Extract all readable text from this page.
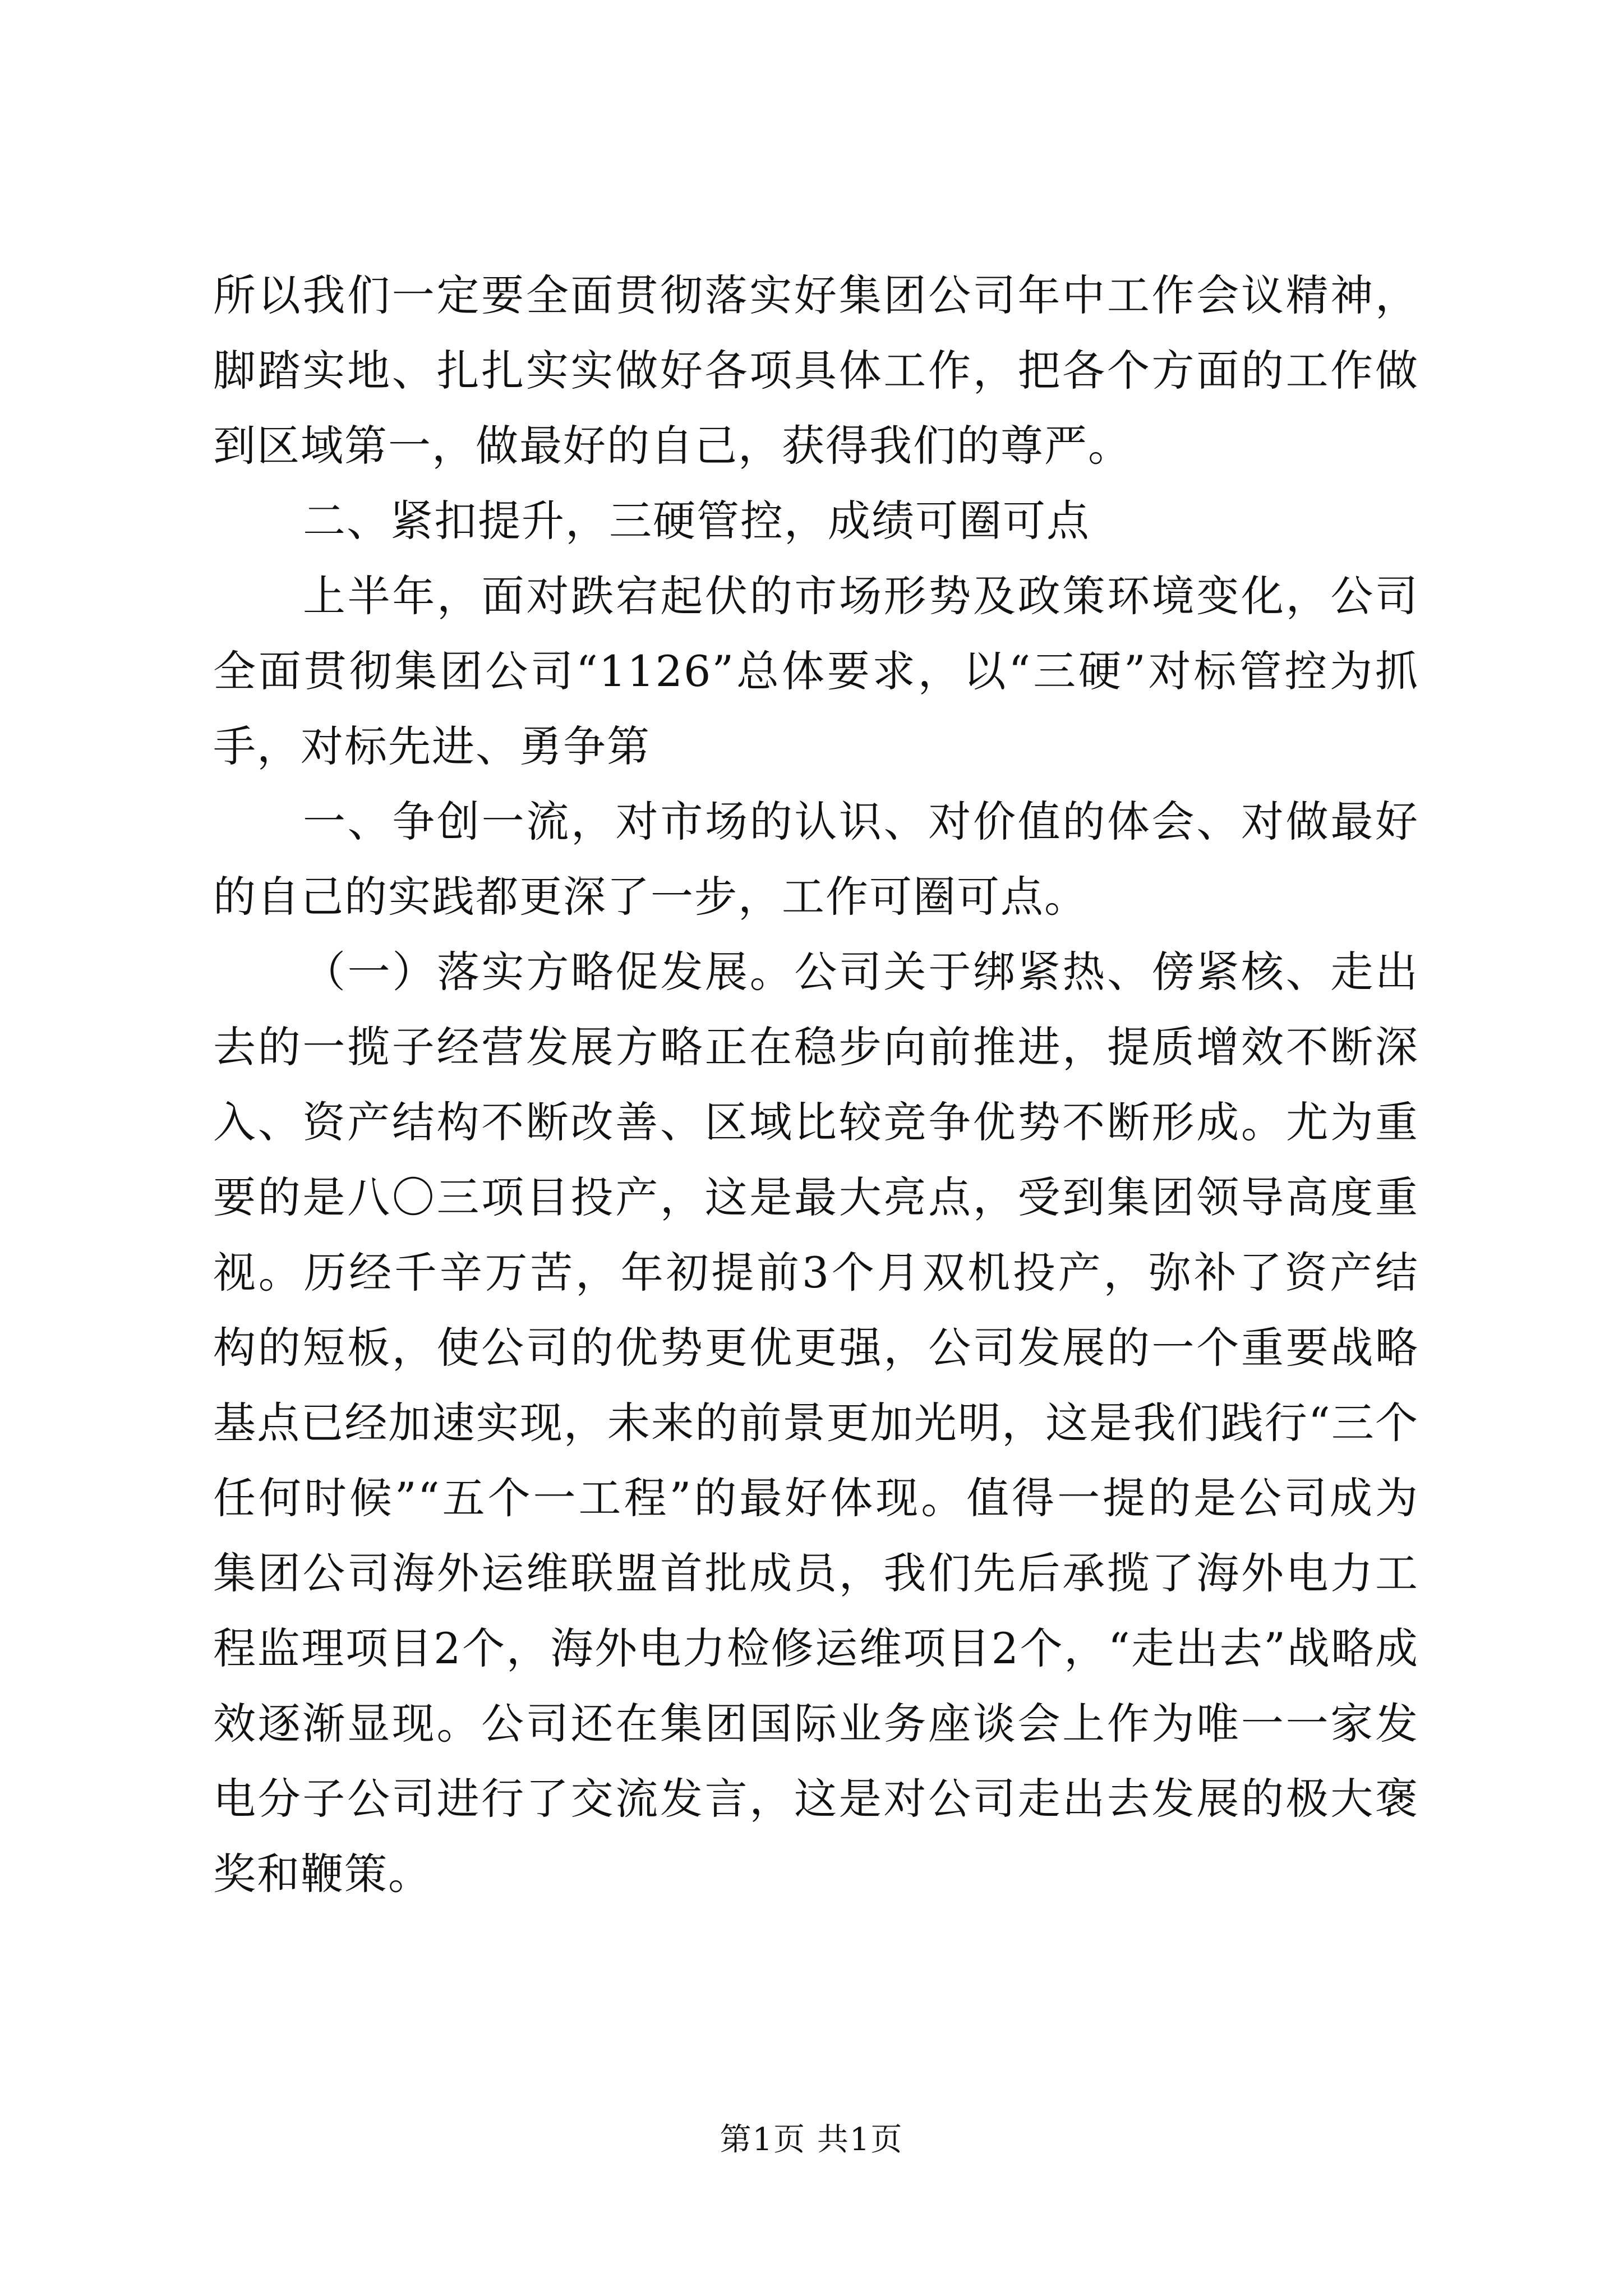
所以我们一定要全面贯彻落实好集团公司年中工作会议精神，脚踏实地、扎扎实实做好各项具体工作，把各个方面的工作做到区域第一，做最好的自己，获得我们的尊严。

二、紧扣提升，三硬管控，成绩可圈可点

上半年，面对跌宕起伏的市场形势及政策环境变化，公司全面贯彻集团公司“1126”总体要求，以“三硬”对标管控为抓手，对标先进、勇争第

一、争创一流，对市场的认识、对价值的体会、对做最好的自己的实践都更深了一步，工作可圈可点。

（一）落实方略促发展。公司关于绑紧热、傍紧核、走出去的一揽子经营发展方略正在稳步向前推进，提质增效不断深入、资产结构不断改善、区域比较竞争优势不断形成。尤为重要的是八〇三项目投产，这是最大亮点，受到集团领导高度重视。历经千辛万苦，年初提前3个月双机投产，弥补了资产结构的短板，使公司的优势更优更强，公司发展的一个重要战略基点已经加速实现，未来的前景更加光明，这是我们践行“三个任何时候”“五个一工程”的最好体现。值得一提的是公司成为集团公司海外运维联盟首批成员，我们先后承揽了海外电力工程监理项目2个，海外电力检修运维项目2个，“走出去”战略成效逐渐显现。公司还在集团国际业务座谈会上作为唯一一家发电分子公司进行了交流发言，这是对公司走出去发展的极大褒奖和鞭策。

第1页 共1页
